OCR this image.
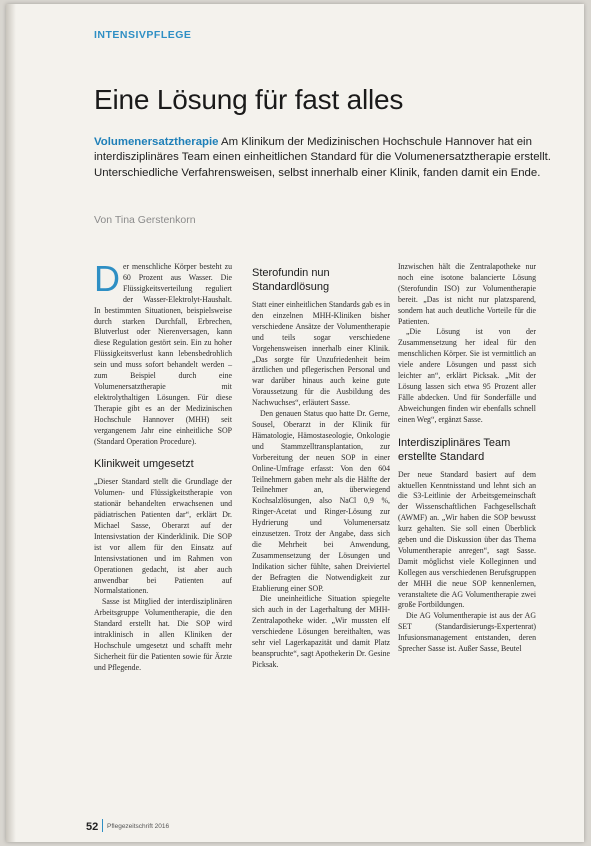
INTENSIVPFLEGE
Eine Lösung für fast alles

Volumenersatztherapie Am Klinikum der Medizinischen Hochschule Hannover hat ein interdisziplinäres Team einen einheitlichen Standard für die Volumenersatztherapie erstellt. Unterschiedliche Verfahrensweisen, selbst innerhalb einer Klinik, fanden damit ein Ende.

Von Tina Gerstenkorn

Der menschliche Körper besteht zu 60 Prozent aus Wasser. Die Flüssigkeitsverteilung reguliert der Wasser-Elektrolyt-Haushalt. In bestimmten Situationen, beispielsweise durch starken Durchfall, Erbrechen, Blutverlust oder Nierenversagen, kann diese Regulation gestört sein. Ein zu hoher Flüssigkeitsverlust kann lebensbedrohlich sein und muss sofort behandelt werden – zum Beispiel durch eine Volumenersatztherapie mit elektrolythaltigen Lösungen. Für diese Therapie gibt es an der Medizinischen Hochschule Hannover (MHH) seit vergangenem Jahr eine einheitliche SOP (Standard Operation Procedure).

Klinikweit umgesetzt

„Dieser Standard stellt die Grundlage der Volumen- und Flüssigkeitstherapie von stationär behandelten erwachsenen und pädiatrischen Patienten dar“, erklärt Dr. Michael Sasse, Oberarzt auf der Intensivstation der Kinderklinik. Die SOP ist vor allem für den Einsatz auf Intensivstationen und im Rahmen von Operationen gedacht, ist aber auch anwendbar bei Patienten auf Normalstationen.

Sasse ist Mitglied der interdisziplinären Arbeitsgruppe Volumentherapie, die den Standard erstellt hat. Die SOP wird intraklinisch in allen Kliniken der Hochschule umgesetzt und schafft mehr Sicherheit für die Patienten sowie für Ärzte und Pflegende.

Sterofundin nun Standardlösung

Statt einer einheitlichen Standards gab es in den einzelnen MHH-Kliniken bisher verschiedene Ansätze der Volumentherapie und teils sogar verschiedene Vorgehensweisen innerhalb einer Klinik. „Das sorgte für Unzufriedenheit beim ärztlichen und pflegerischen Personal und war darüber hinaus auch keine gute Voraussetzung für die Ausbildung des Nachwuchses“, erläutert Sasse.

Den genauen Status quo hatte Dr. Gerne, Sousel, Oberarzt in der Klinik für Hämatologie, Hämostaseologie, Onkologie und Stammzelltransplantation, zur Vorbereitung der neuen SOP in einer Online-Umfrage erfasst: Von den 604 Teilnehmern gaben mehr als die Hälfte der Teilnehmer an, überwiegend Kochsalzlösungen, also NaCl 0,9 %, Ringer-Acetat und Ringer-Lösung zur Hydrierung und Volumenersatz einzusetzen. Trotz der Angabe, dass sich die Mehrheit bei Anwendung, Zusammensetzung der Lösungen und Indikation sicher fühlte, sahen Dreiviertel der Befragten die Notwendigkeit zur Etablierung einer SOP.

Die uneinheitliche Situation spiegelte sich auch in der Lagerhaltung der MHH-Zentralapotheke wider. „Wir mussten elf verschiedene Lösungen bereithalten, was sehr viel Lagerkapazität und damit Platz beanspruchte“, sagt Apothekerin Dr. Gesine Picksak.

Inzwischen hält die Zentralapotheke nur noch eine isotone balancierte Lösung (Sterofundin ISO) zur Volumentherapie bereit. „Das ist nicht nur platzsparend, sondern hat auch deutliche Vorteile für die Patienten.

„Die Lösung ist von der Zusammensetzung her ideal für den menschlichen Körper. Sie ist vermittlich an viele andere Lösungen und passt sich leichter an“, erklärt Picksak. „Mit der Lösung lassen sich etwa 95 Prozent aller Fälle abdecken. Und für Sonderfälle und Abweichungen finden wir ebenfalls schnell einen Weg“, ergänzt Sasse.

Interdisziplinäres Team erstellte Standard

Der neue Standard basiert auf dem aktuellen Kenntnisstand und lehnt sich an die S3-Leitlinie der Arbeitsgemeinschaft der Wissenschaftlichen Fachgesellschaft (AWMF) an. „Wir haben die SOP bewusst kurz gehalten. Sie soll einen Überblick geben und die Diskussion über das Thema Volumentherapie anregen“, sagt Sasse. Damit möglichst viele Kolleginnen und Kollegen aus verschiedenen Berufsgruppen der MHH die neue SOP kennenlernen, veranstaltete die AG Volumentherapie zwei große Fortbildungen.

Die AG Volumentherapie ist aus der AG SET (Standardisierungs-Expertenrat) Infusionsmanagement entstanden, deren Sprecher Sasse ist. Außer Sasse, Beutel

52 Pflegezeitschrift 2016
